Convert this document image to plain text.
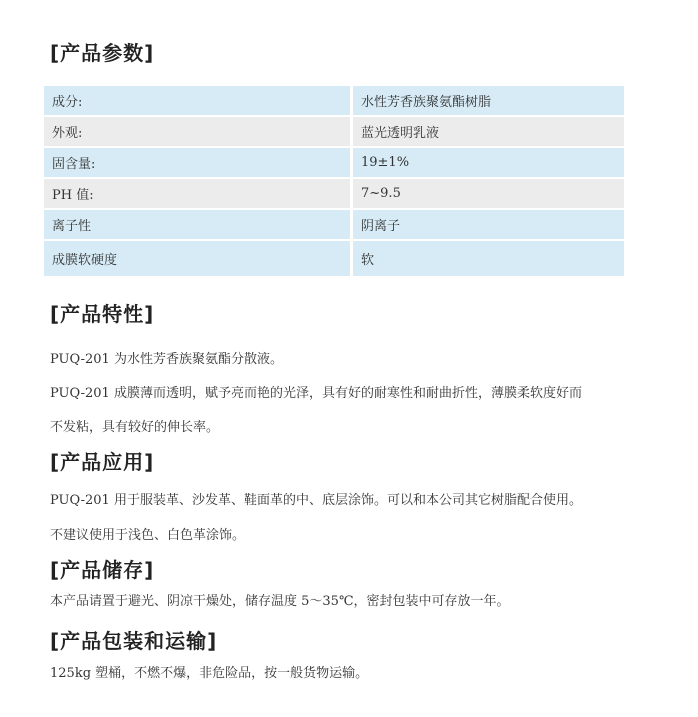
[产品参数]
成分:	水性芳香族聚氨酯树脂
外观:	蓝光透明乳液
固含量:	19±1%
PH 值:	7~9.5
离子性	阴离子
成膜软硬度	软
[产品特性]
PUQ-201 为水性芳香族聚氨酯分散液。
PUQ-201 成膜薄而透明，赋予亮而艳的光泽，具有好的耐寒性和耐曲折性，薄膜柔软度好而
不发粘，具有较好的伸长率。
[产品应用]
PUQ-201 用于服装革、沙发革、鞋面革的中、底层涂饰。可以和本公司其它树脂配合使用。
不建议使用于浅色、白色革涂饰。
[产品储存]
本产品请置于避光、阴凉干燥处，储存温度 5～35℃，密封包装中可存放一年。
[产品包装和运输]
125kg 塑桶，不燃不爆，非危险品，按一般货物运输。
